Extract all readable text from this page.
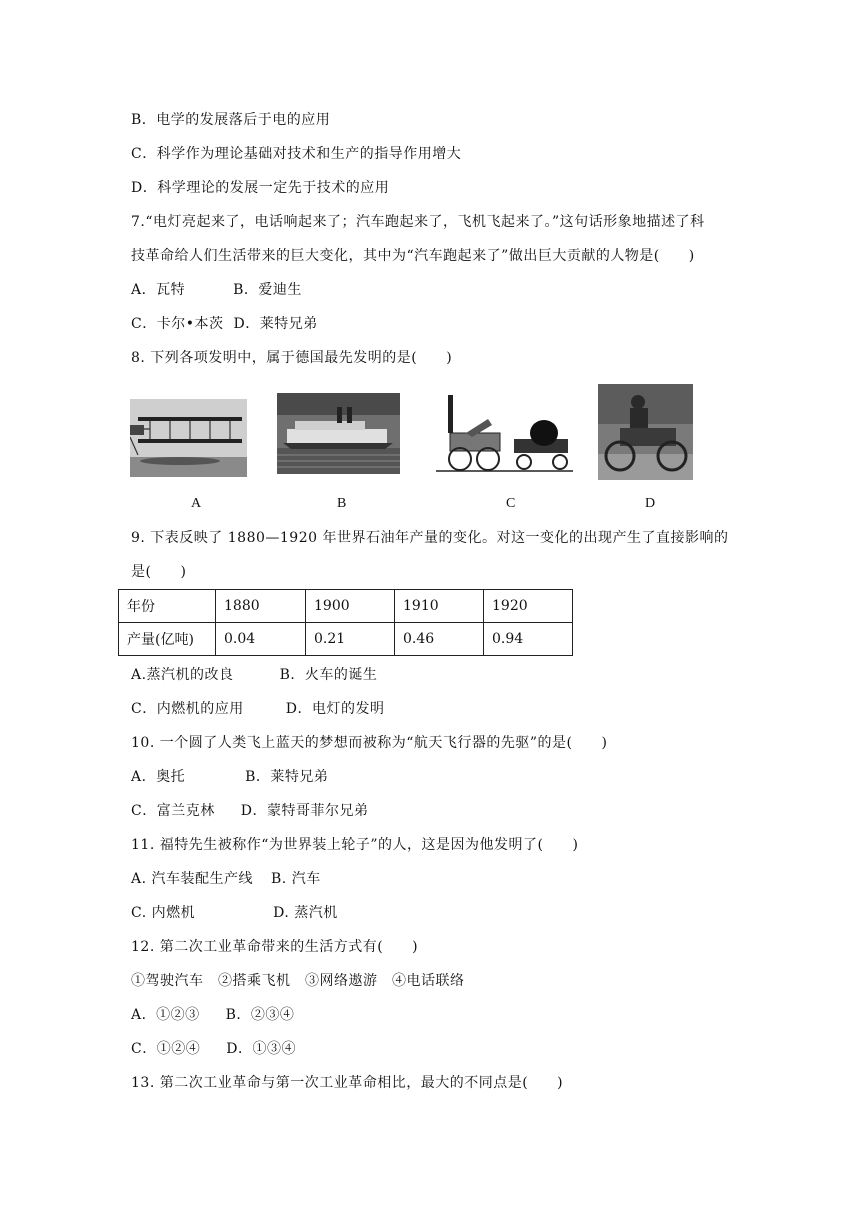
B．电学的发展落后于电的应用
C．科学作为理论基础对技术和生产的指导作用增大
D．科学理论的发展一定先于技术的应用
7.“电灯亮起来了，电话响起来了；汽车跑起来了，飞机飞起来了。”这句话形象地描述了科
技革命给人们生活带来的巨大变化，其中为“汽车跑起来了”做出巨大贡献的人物是(　　)
A．瓦特	B．爱迪生
C．卡尔•本茨 D．莱特兄弟
8. 下列各项发明中，属于德国最先发明的是(　　)
A	B	C	D
9. 下表反映了 1880—1920 年世界石油年产量的变化。对这一变化的出现产生了直接影响的
是(　　)
年份	1880	1900	1910	1920
产量(亿吨)	0.04	0.21	0.46	0.94
A.蒸汽机的改良	B．火车的诞生
C．内燃机的应用	D．电灯的发明
10. 一个圆了人类飞上蓝天的梦想而被称为“航天飞行器的先驱”的是(　　)
A．奥托	B．莱特兄弟
C．富兰克林 D．蒙特哥菲尔兄弟
11. 福特先生被称作“为世界装上轮子”的人，这是因为他发明了(　　)
A. 汽车装配生产线 B. 汽车
C. 内燃机	D. 蒸汽机
12. 第二次工业革命带来的生活方式有(　　)
①驾驶汽车　②搭乘飞机　③网络遨游　④电话联络
A．①②③ B．②③④
C．①②④ D．①③④
13. 第二次工业革命与第一次工业革命相比，最大的不同点是(　　)
